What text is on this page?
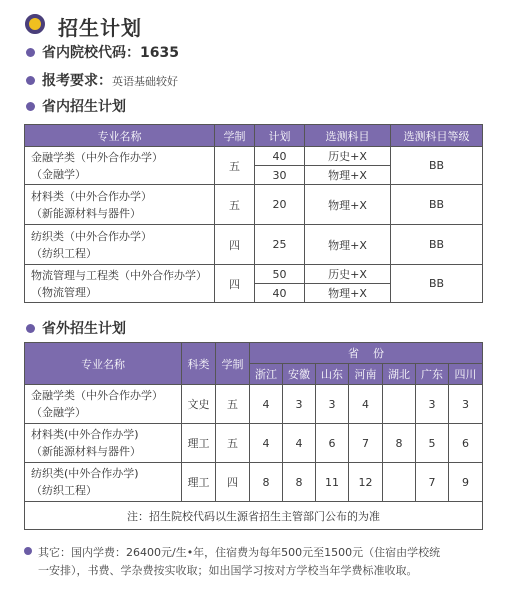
招生计划
省内院校代码：1635
报考要求：英语基础较好
省内招生计划
专业名称	学制	计划	选测科目	选测科目等级

金融学类（中外合作办学）
（金融学）	五	40	历史+X	BB
		30	物理+X	

材料类（中外合作办学）
（新能源材料与器件）	五	20	物理+X	BB

纺织类（中外合作办学）
（纺织工程）	四	25	物理+X	BB

物流管理与工程类（中外合作办学）
（物流管理）	四	50	历史+X	BB
		40	物理+X	
省外招生计划
专业名称	科类	学制	省    份						
			浙江	安徽	山东	河南	湖北	广东	四川

金融学类（中外合作办学）
（金融学）	文史	五	4	3	3	4		3	3

材料类(中外合作办学)
（新能源材料与器件）	理工	五	4	4	6	7	8	5	6

纺织类(中外合作办学)
（纺织工程）	理工	四	8	8	11	12		7	9
注：招生院校代码以生源省招生主管部门公布的为准									
其它：国内学费：26400元/生•年，住宿费为每年500元至1500元（住宿由学校统
一安排），书费、学杂费按实收取；如出国学习按对方学校当年学费标准收取。
